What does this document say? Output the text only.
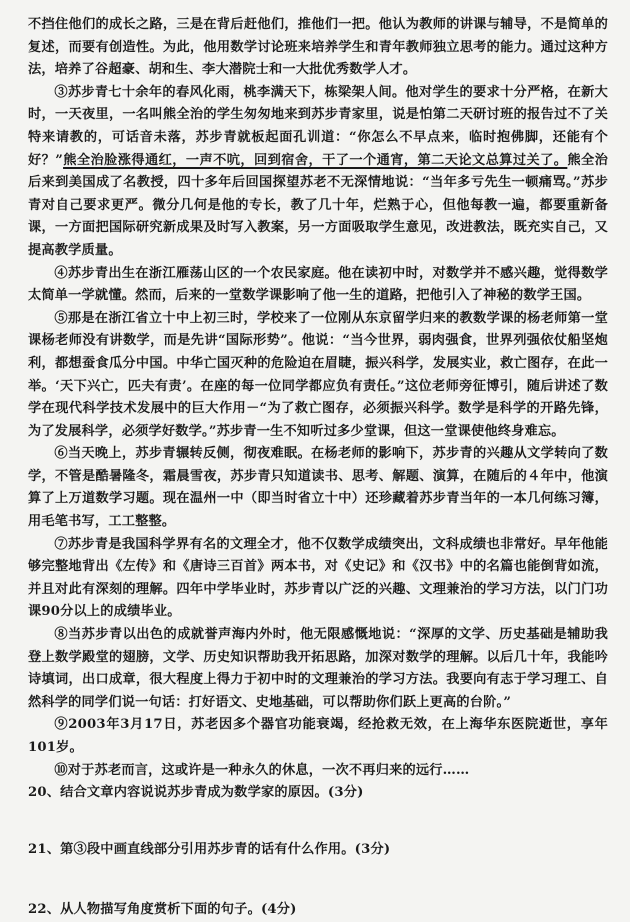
不挡住他们的成长之路，三是在背后赶他们，推他们一把。他认为教师的讲课与辅导，不是简单的复述，而要有创造性。为此，他用数学讨论班来培养学生和青年教师独立思考的能力。通过这种方法，培养了谷超豪、胡和生、李大潜院士和一大批优秀数学人才。

③苏步青七十余年的春风化雨，桃李满天下，栋梁架人间。他对学生的要求十分严格，在新大时，一天夜里，一名叫熊全治的学生匆匆地来到苏步青家里，说是怕第二天研讨班的报告过不了关特来请教的，可话音未落，苏步青就板起面孔训道：“你怎么不早点来，临时抱佛脚，还能有个好？”熊全治脸涨得通红，一声不吭，回到宿舍，干了一个通宵，第二天论文总算过关了。熊全治后来到美国成了名教授，四十多年后回国探望苏老不无深情地说：“当年多亏先生一顿痛骂。”苏步青对自己要求更严。微分几何是他的专长，教了几十年，烂熟于心，但他每教一遍，都要重新备课，一方面把国际研究新成果及时写入教案，另一方面吸取学生意见，改进教法，既充实自己，又提高教学质量。

④苏步青出生在浙江雁荡山区的一个农民家庭。他在读初中时，对数学并不感兴趣，觉得数学太简单一学就懂。然而，后来的一堂数学课影响了他一生的道路，把他引入了神秘的数学王国。

⑤那是在浙江省立十中上初三时，学校来了一位刚从东京留学归来的教数学课的杨老师第一堂课杨老师没有讲数学，而是先讲“国际形势”。他说：“当今世界，弱肉强食，世界列强依仗船坚炮利，都想蚕食瓜分中国。中华亡国灭种的危险迫在眉睫，振兴科学，发展实业，救亡图存，在此一举。‘天下兴亡，匹夫有责’。在座的每一位同学都应负有责任。”这位老师旁征博引，随后讲述了数学在现代科学技术发展中的巨大作用－“为了救亡图存，必须振兴科学。数学是科学的开路先锋，为了发展科学，必须学好数学。”苏步青一生不知听过多少堂课，但这一堂课使他终身难忘。

⑥当天晚上，苏步青辗转反侧，彻夜难眠。在杨老师的影响下，苏步青的兴趣从文学转向了数学，不管是酷暑隆冬，霜晨雪夜，苏步青只知道读书、思考、解题、演算，在随后的４年中，他演算了上万道数学习题。现在温州一中（即当时省立十中）还珍藏着苏步青当年的一本几何练习簿，用毛笔书写，工工整整。

⑦苏步青是我国科学界有名的文理全才，他不仅数学成绩突出，文科成绩也非常好。早年他能够完整地背出《左传》和《唐诗三百首》两本书，对《史记》和《汉书》中的名篇也能倒背如流，并且对此有深刻的理解。四年中学毕业时，苏步青以广泛的兴趣、文理兼治的学习方法，以门门功课90分以上的成绩毕业。

⑧当苏步青以出色的成就誉声海内外时，他无限感慨地说：“深厚的文学、历史基础是辅助我登上数学殿堂的翅膀，文学、历史知识帮助我开拓思路，加深对数学的理解。以后几十年，我能吟诗填词，出口成章，很大程度上得力于初中时的文理兼治的学习方法。我要向有志于学习理工、自然科学的同学们说一句话：打好语文、史地基础，可以帮助你们跃上更高的台阶。”

⑨2003年3月17日，苏老因多个器官功能衰竭，经抢救无效，在上海华东医院逝世，享年101岁。

⑩对于苏老而言，这或许是一种永久的休息，一次不再归来的远行……

20、结合文章内容说说苏步青成为数学家的原因。(3分)

21、第③段中画直线部分引用苏步青的话有什么作用。(3分)

22、从人物描写角度赏析下面的句子。(4分)
